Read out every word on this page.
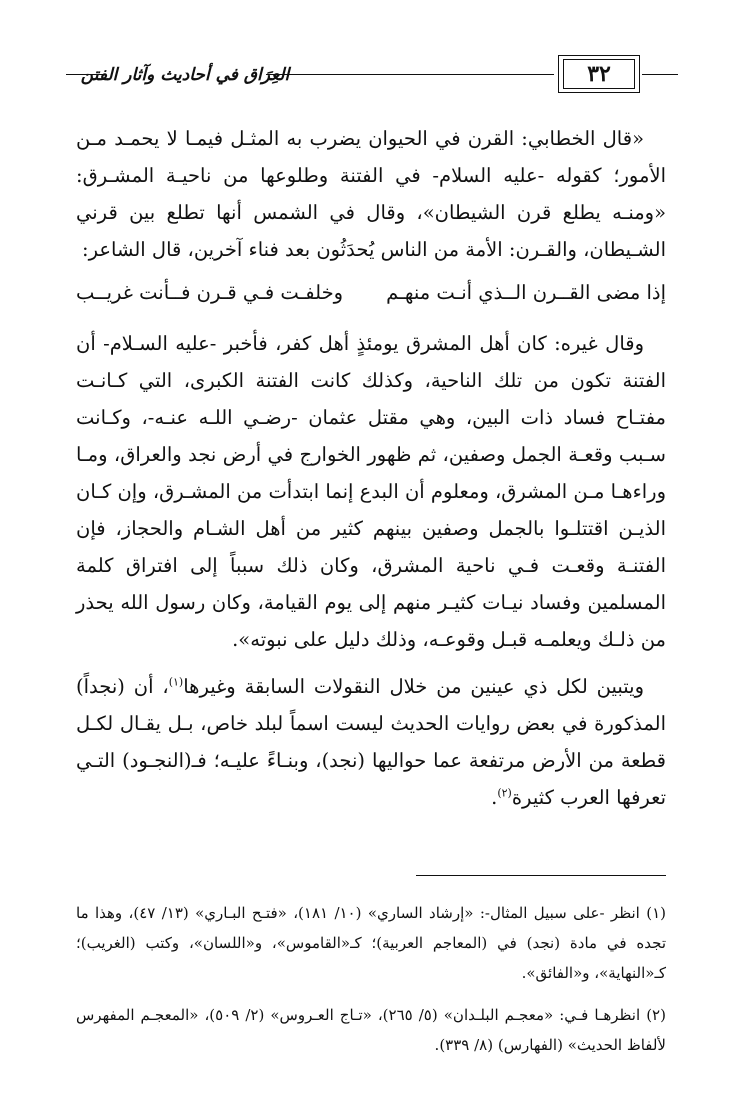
٣٢
العِرَاق في أحاديث وآثار الفتن

«قال الخطابي: القرن في الحيوان يضرب به المثـل فيمـا لا يحمـد مـن الأمور؛ كقوله -عليه السلام- في الفتنة وطلوعها من ناحيـة المشـرق: «ومنـه يطلع قرن الشيطان»، وقال في الشمس أنها تطلع بين قرني الشـيطان، والقـرن: الأمة من الناس يُحدَثُون بعد فناء آخرين، قال الشاعر:

إذا مضى القــرن الــذي أنـت منهـم
وخلفـت فـي قـرن فــأنت غريــب

وقال غيره: كان أهل المشرق يومئذٍ أهل كفر، فأخبر -عليه السـلام- أن الفتنة تكون من تلك الناحية، وكذلك كانت الفتنة الكبرى، التي كـانـت مفتـاح فساد ذات البين، وهي مقتل عثمان -رضـي اللـه عنـه-، وكـانت سـبب وقعـة الجمل وصفين، ثم ظهور الخوارج في أرض نجد والعراق، ومـا وراءهـا مـن المشرق، ومعلوم أن البدع إنما ابتدأت من المشـرق، وإن كـان الذيـن اقتتلـوا بالجمل وصفين بينهم كثير من أهل الشـام والحجاز، فإن الفتنـة وقعـت فـي ناحية المشرق، وكان ذلك سبباً إلى افتراق كلمة المسلمين وفساد نيـات كثيـر منهم إلى يوم القيامة، وكان رسول الله يحذر من ذلـك ويعلمـه قبـل وقوعـه، وذلك دليل على نبوته».

ويتبين لكل ذي عينين من خلال النقولات السابقة وغيرها$^{(١)}$، أن (نجداً) المذكورة في بعض روايات الحديث ليست اسماً لبلد خاص، بـل يقـال لكـل قطعة من الأرض مرتفعة عما حواليها (نجد)، وبنـاءً عليـه؛ فـ(النجـود) التـي تعرفها العرب كثيرة$^{(٢)}$.

(١) انظر -على سبيل المثال-: «إرشاد الساري» (١٠/ ١٨١)، «فتـح البـاري» (١٣/ ٤٧)، وهذا ما تجده في مادة (نجد) في (المعاجم العربية)؛ كـ«القاموس»، و«اللسان»، وكتب (الغريب)؛ كـ«النهاية»، و«الفائق».

(٢) انظرهـا فـي: «معجـم البلـدان» (٥/ ٢٦٥)، «تـاج العـروس» (٢/ ٥٠٩)، «المعجـم المفهرس لألفاظ الحديث» (الفهارس) (٨/ ٣٣٩).
